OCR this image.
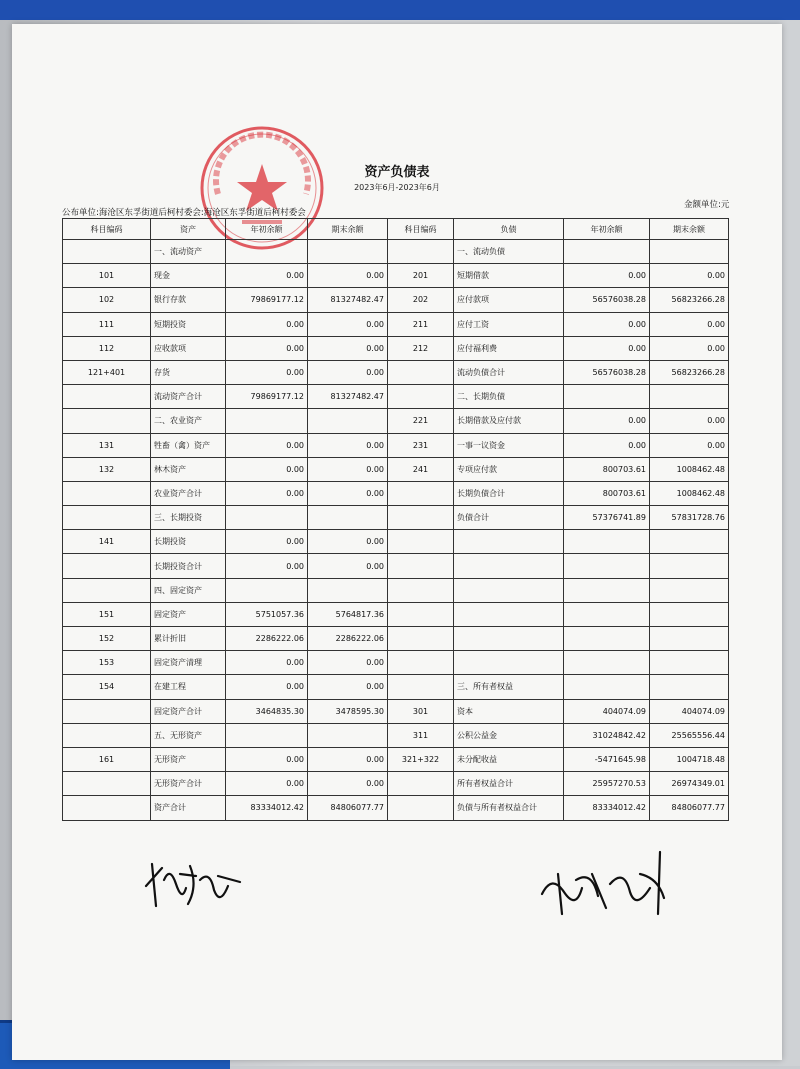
资产负债表
2023年6月-2023年6月
公布单位:海沧区东孚街道后柯村委会:海沧区东孚街道后柯村委会
金额单位:元
科目编码	资产	年初余额	期末余额	科目编码	负债	年初余额	期末余额
	一、流动资产				一、流动负债		
101	现金	0.00	0.00	201	短期借款	0.00	0.00
102	银行存款	79869177.12	81327482.47	202	应付款项	56576038.28	56823266.28
111	短期投资	0.00	0.00	211	应付工资	0.00	0.00
112	应收款项	0.00	0.00	212	应付福利费	0.00	0.00
121+401	存货	0.00	0.00		流动负债合计	56576038.28	56823266.28
	流动资产合计	79869177.12	81327482.47		二、长期负债		
	二、农业资产			221	长期借款及应付款	0.00	0.00
131	牲畜（禽）资产	0.00	0.00	231	一事一议资金	0.00	0.00
132	林木资产	0.00	0.00	241	专项应付款	800703.61	1008462.48
	农业资产合计	0.00	0.00		长期负债合计	800703.61	1008462.48
	三、长期投资				负债合计	57376741.89	57831728.76
141	长期投资	0.00	0.00				
	长期投资合计	0.00	0.00				
	四、固定资产						
151	固定资产	5751057.36	5764817.36				
152	累计折旧	2286222.06	2286222.06				
153	固定资产清理	0.00	0.00				
154	在建工程	0.00	0.00		三、所有者权益		
	固定资产合计	3464835.30	3478595.30	301	资本	404074.09	404074.09
	五、无形资产			311	公积公益金	31024842.42	25565556.44
161	无形资产	0.00	0.00	321+322	未分配收益	-5471645.98	1004718.48
	无形资产合计	0.00	0.00		所有者权益合计	25957270.53	26974349.01
	资产合计	83334012.42	84806077.77		负债与所有者权益合计	83334012.42	84806077.77
